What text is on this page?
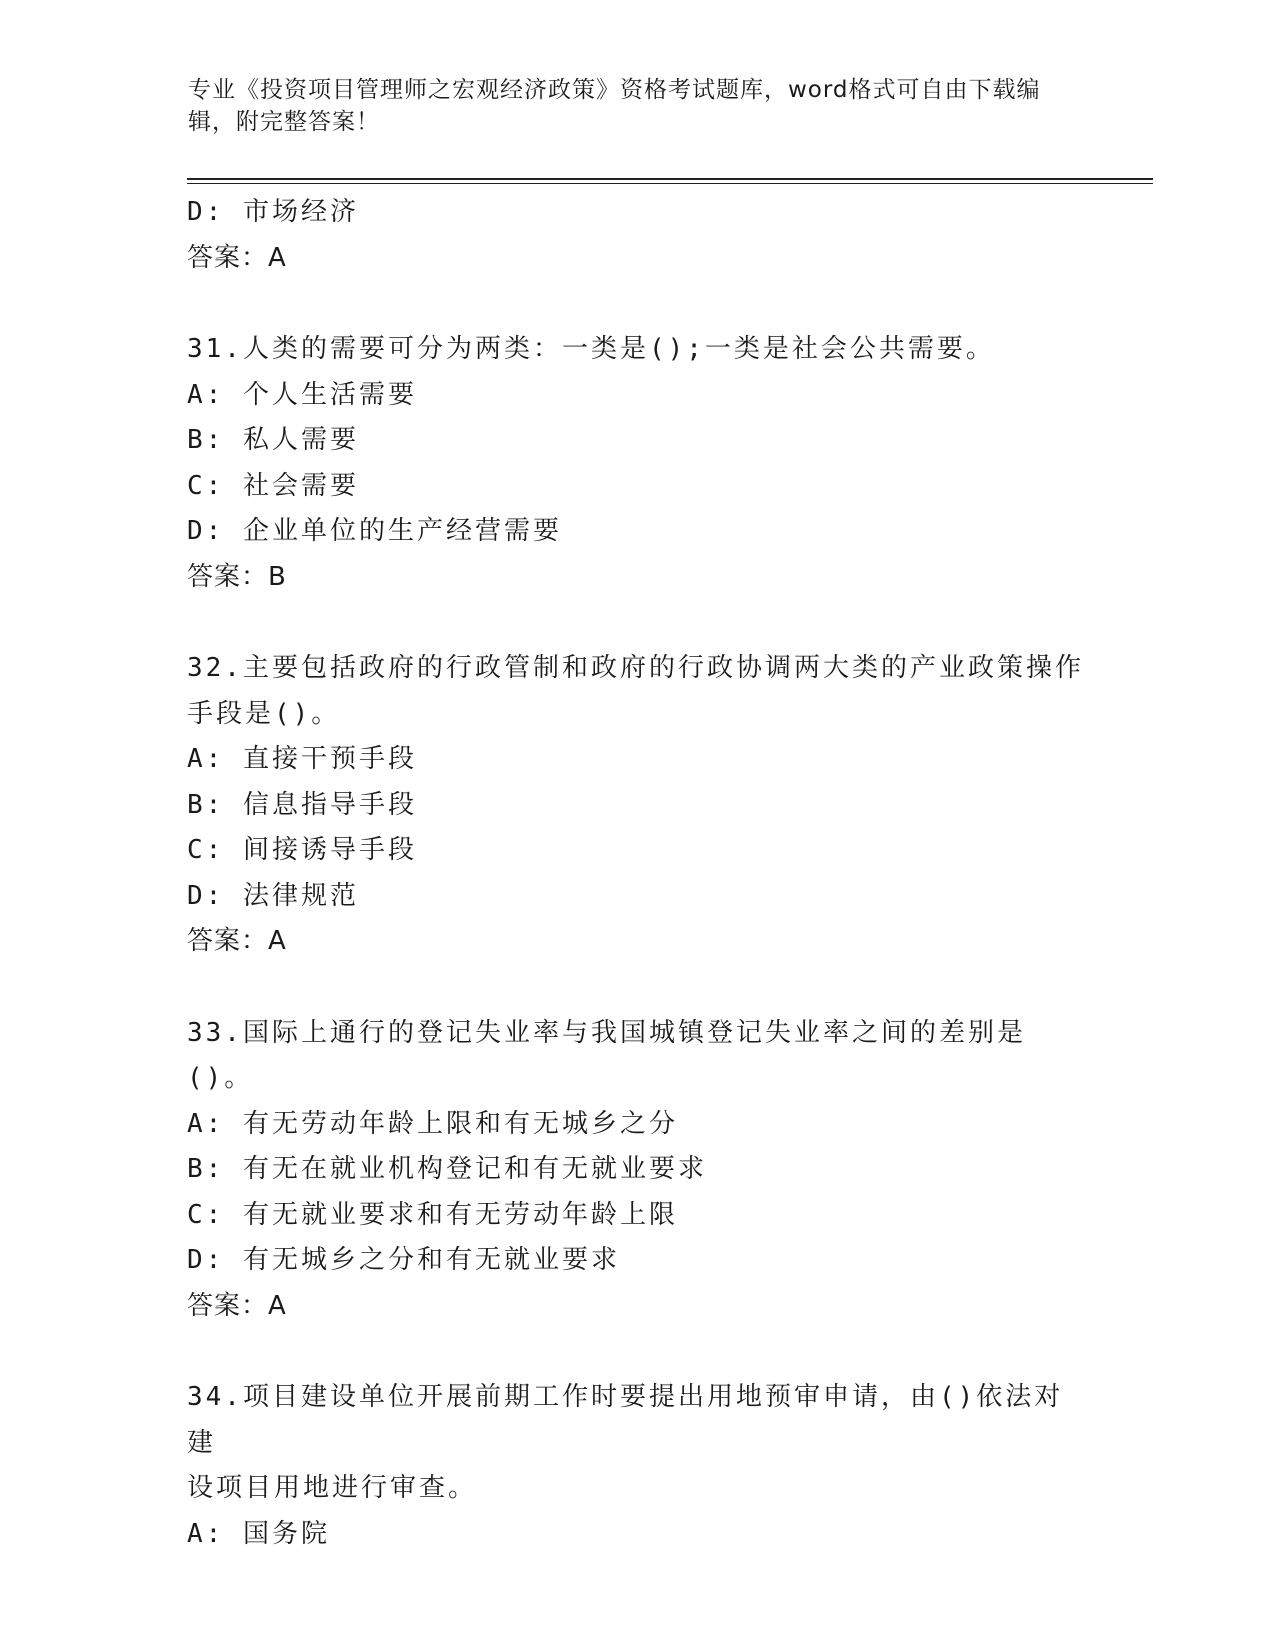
专业《投资项目管理师之宏观经济政策》资格考试题库，word格式可自由下载编
辑，附完整答案！
D: 市场经济
答案：A
31.人类的需要可分为两类：一类是();一类是社会公共需要。
A: 个人生活需要
B: 私人需要
C: 社会需要
D: 企业单位的生产经营需要
答案：B
32.主要包括政府的行政管制和政府的行政协调两大类的产业政策操作
手段是()。
A: 直接干预手段
B: 信息指导手段
C: 间接诱导手段
D: 法律规范
答案：A
33.国际上通行的登记失业率与我国城镇登记失业率之间的差别是()。
A: 有无劳动年龄上限和有无城乡之分
B: 有无在就业机构登记和有无就业要求
C: 有无就业要求和有无劳动年龄上限
D: 有无城乡之分和有无就业要求
答案：A
34.项目建设单位开展前期工作时要提出用地预审申请，由()依法对建
设项目用地进行审查。
A: 国务院
